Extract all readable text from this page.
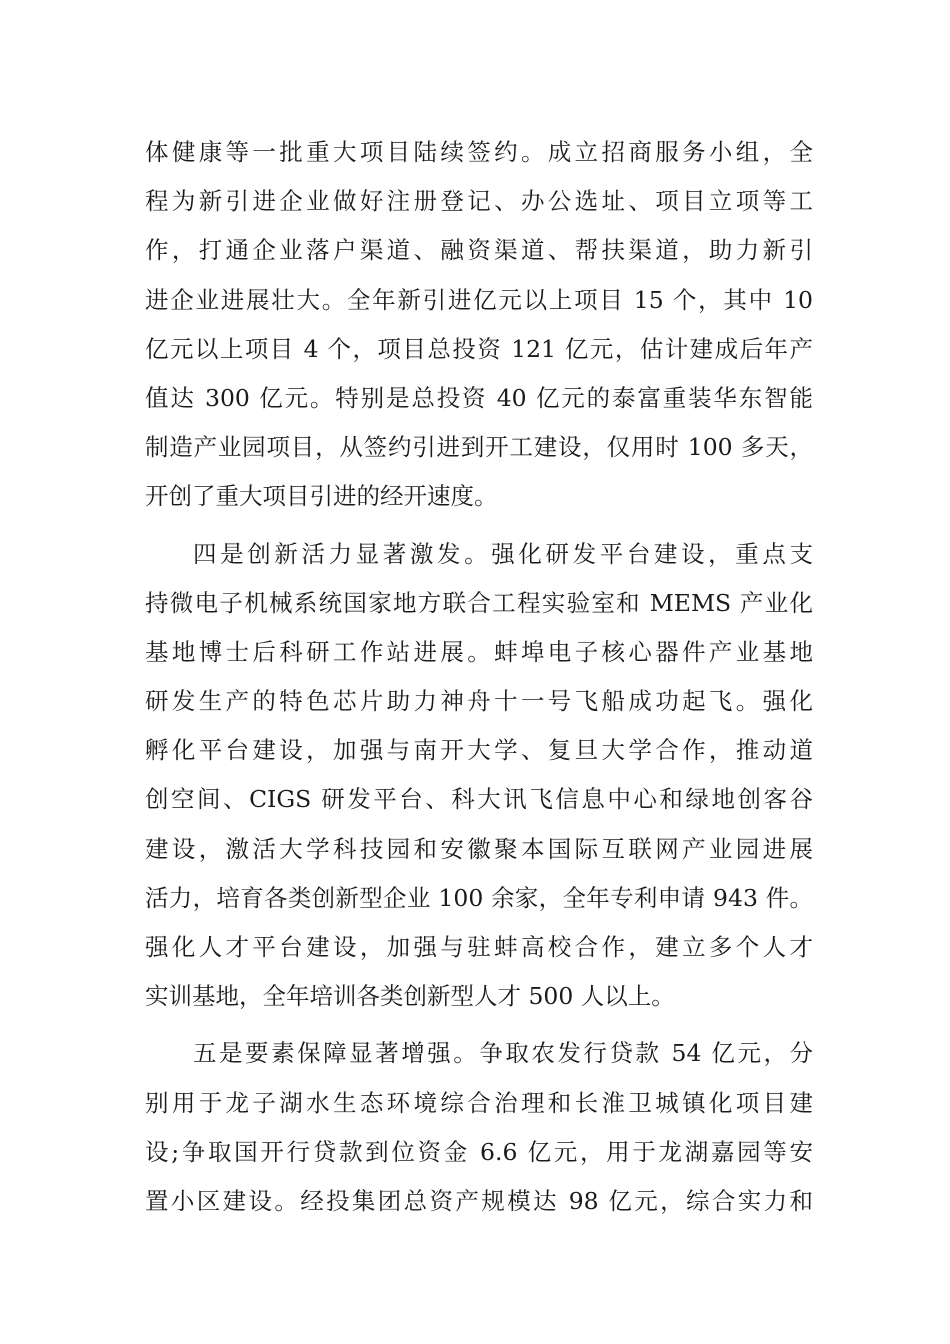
体健康等一批重大项目陆续签约。成立招商服务小组，全
程为新引进企业做好注册登记、办公选址、项目立项等工
作，打通企业落户渠道、融资渠道、帮扶渠道，助力新引
进企业进展壮大。全年新引进亿元以上项目 15 个，其中 10
亿元以上项目 4 个，项目总投资 121 亿元，估计建成后年产
值达 300 亿元。特别是总投资 40 亿元的泰富重装华东智能
制造产业园项目，从签约引进到开工建设，仅用时 100 多天，
开创了重大项目引进的经开速度。
四是创新活力显著激发。强化研发平台建设，重点支
持微电子机械系统国家地方联合工程实验室和 MEMS 产业化
基地博士后科研工作站进展。蚌埠电子核心器件产业基地
研发生产的特色芯片助力神舟十一号飞船成功起飞。强化
孵化平台建设，加强与南开大学、复旦大学合作，推动道
创空间、CIGS 研发平台、科大讯飞信息中心和绿地创客谷
建设，激活大学科技园和安徽聚本国际互联网产业园进展
活力，培育各类创新型企业 100 余家，全年专利申请 943 件。
强化人才平台建设，加强与驻蚌高校合作，建立多个人才
实训基地，全年培训各类创新型人才 500 人以上。
五是要素保障显著增强。争取农发行贷款 54 亿元，分
别用于龙子湖水生态环境综合治理和长淮卫城镇化项目建
设;争取国开行贷款到位资金 6.6 亿元，用于龙湖嘉园等安
置小区建设。经投集团总资产规模达 98 亿元，综合实力和
